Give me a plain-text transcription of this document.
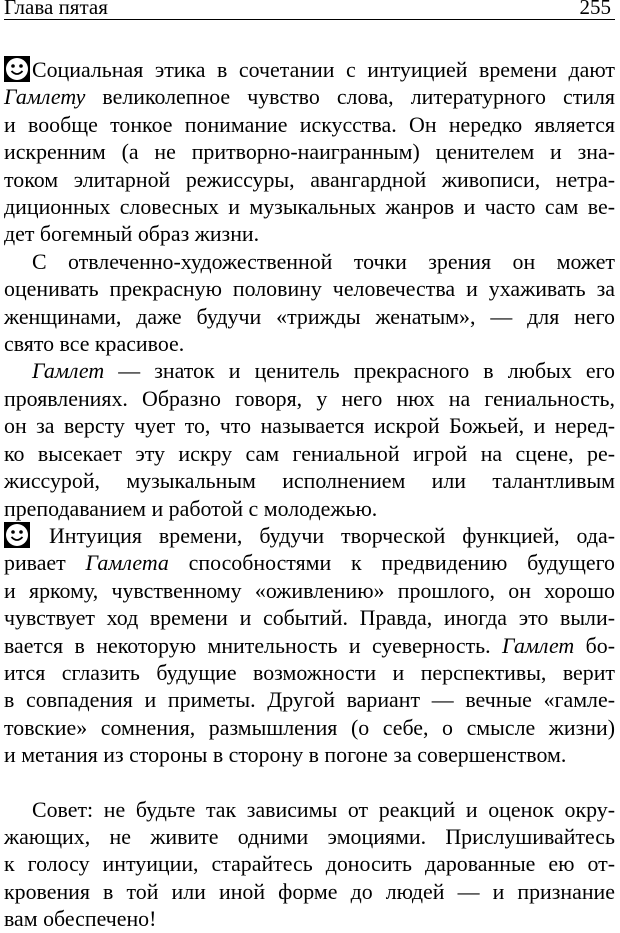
Глава пятая	255
Социальная этика в сочетании с интуицией времени дают
Гамлету великолепное чувство слова, литературного стиля
и вообще тонкое понимание искусства. Он нередко является
искренним (а не притворно-наигранным) ценителем и зна-
током элитарной режиссуры, авангардной живописи, нетра-
диционных словесных и музыкальных жанров и часто сам ве-
дет богемный образ жизни.
С отвлеченно-художественной точки зрения он может
оценивать прекрасную половину человечества и ухаживать за
женщинами, даже будучи «трижды женатым», — для него
свято все красивое.
Гамлет — знаток и ценитель прекрасного в любых его
проявлениях. Образно говоря, у него нюх на гениальность,
он за версту чует то, что называется искрой Божьей, и неред-
ко высекает эту искру сам гениальной игрой на сцене, ре-
жиссурой, музыкальным исполнением или талантливым
преподаванием и работой с молодежью.
Интуиция времени, будучи творческой функцией, ода-
ривает Гамлета способностями к предвидению будущего
и яркому, чувственному «оживлению» прошлого, он хорошо
чувствует ход времени и событий. Правда, иногда это выли-
вается в некоторую мнительность и суеверность. Гамлет бо-
ится сглазить будущие возможности и перспективы, верит
в совпадения и приметы. Другой вариант — вечные «гамле-
товские» сомнения, размышления (о себе, о смысле жизни)
и метания из стороны в сторону в погоне за совершенством.
Совет: не будьте так зависимы от реакций и оценок окру-
жающих, не живите одними эмоциями. Прислушивайтесь
к голосу интуиции, старайтесь доносить дарованные ею от-
кровения в той или иной форме до людей — и признание
вам обеспечено!
